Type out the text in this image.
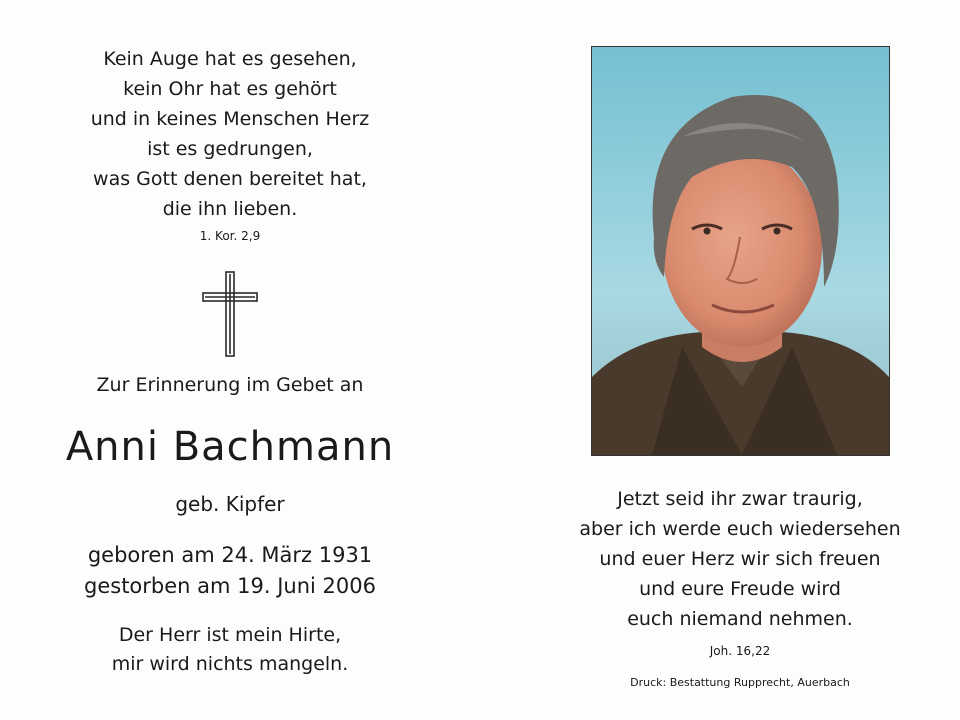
Kein Auge hat es gesehen,
kein Ohr hat es gehört
und in keines Menschen Herz
ist es gedrungen,
was Gott denen bereitet hat,
die ihn lieben.
1. Kor. 2,9
Zur Erinnerung im Gebet an
Anni Bachmann
geb. Kipfer
geboren am 24. März 1931
gestorben am 19. Juni 2006
Der Herr ist mein Hirte,
mir wird nichts mangeln.
Jetzt seid ihr zwar traurig,
aber ich werde euch wiedersehen
und euer Herz wir sich freuen
und eure Freude wird
euch niemand nehmen.
Joh. 16,22
Druck: Bestattung Rupprecht, Auerbach
